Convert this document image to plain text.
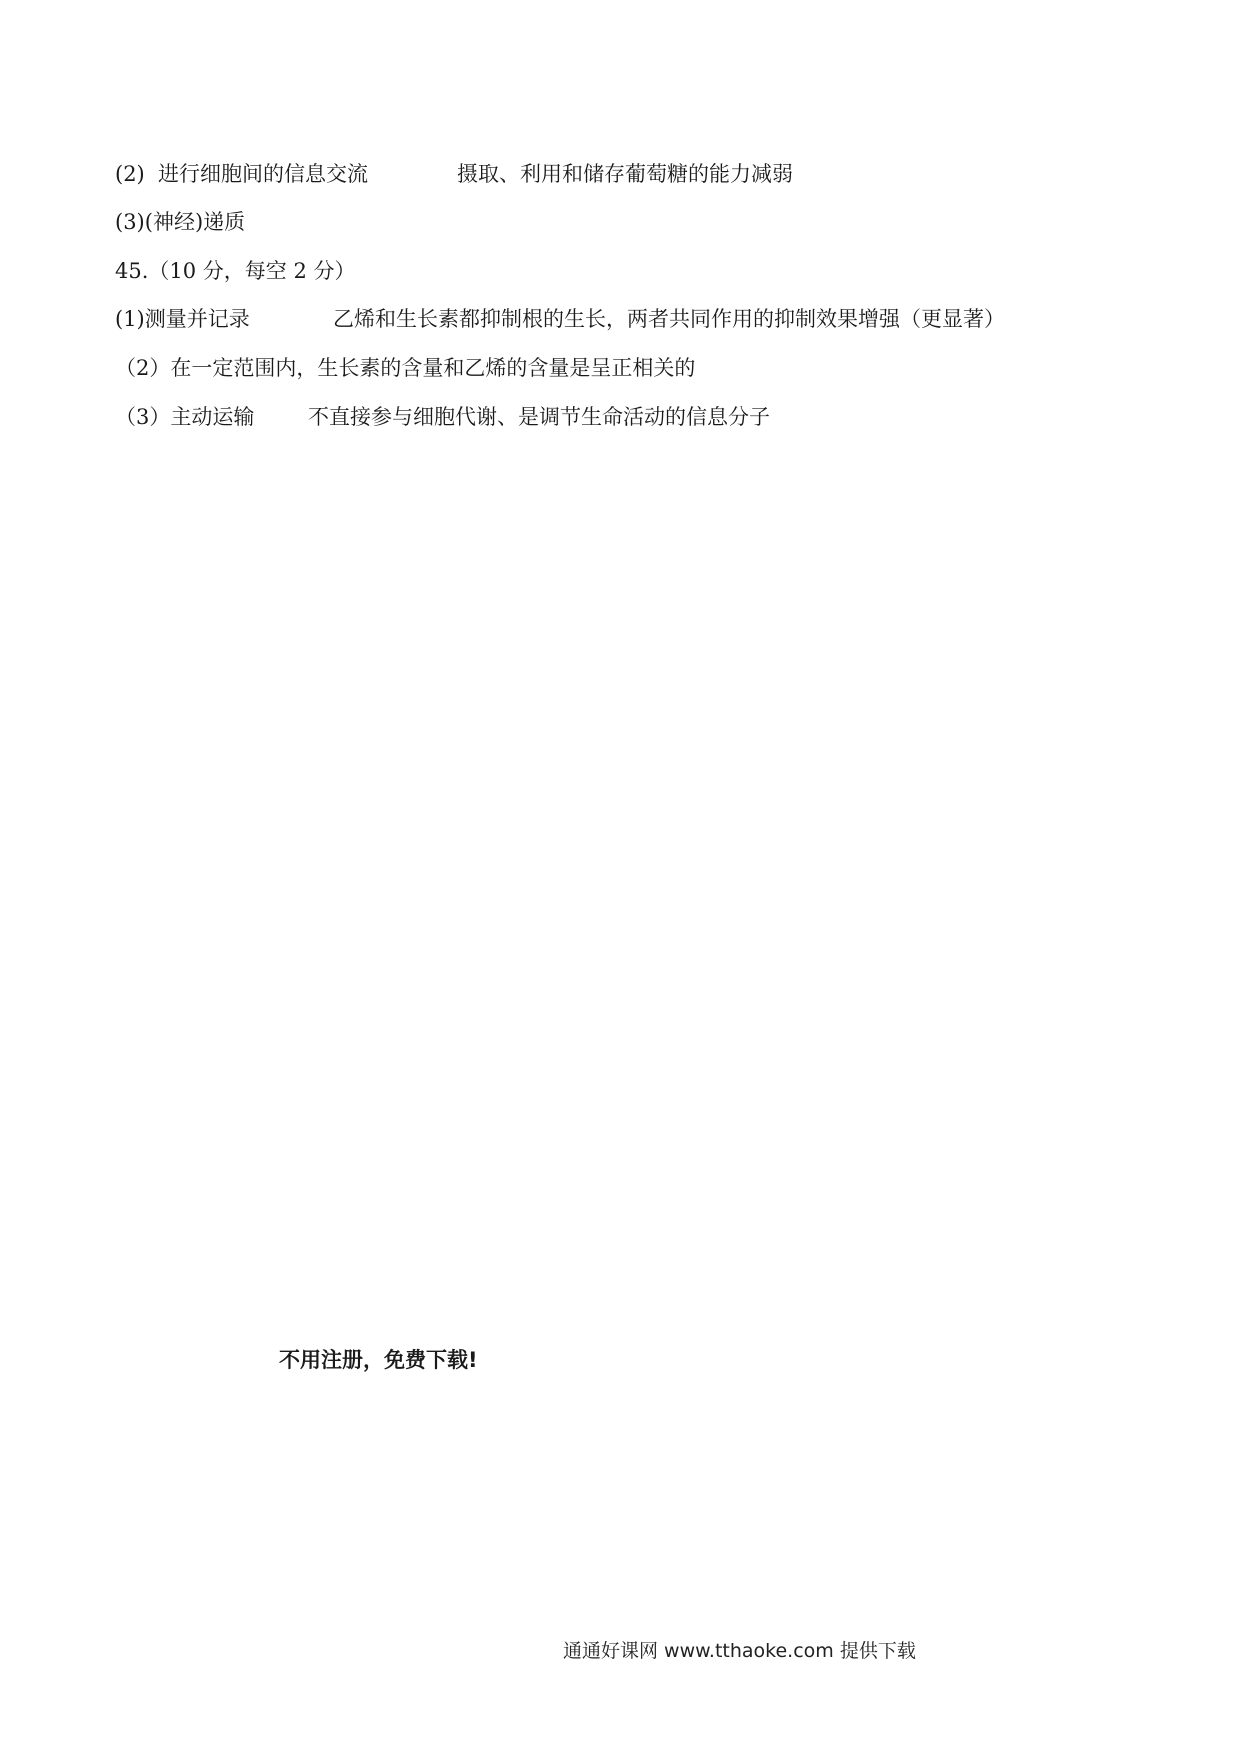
(2) 进行细胞间的信息交流	摄取、利用和储存葡萄糖的能力减弱
(3)(神经)递质
45.（10 分，每空 2 分）
(1)测量并记录	乙烯和生长素都抑制根的生长，两者共同作用的抑制效果增强（更显著）
（2）在一定范围内，生长素的含量和乙烯的含量是呈正相关的
（3）主动运输	不直接参与细胞代谢、是调节生命活动的信息分子
不用注册，免费下载!
通通好课网 www.tthaoke.com 提供下载
